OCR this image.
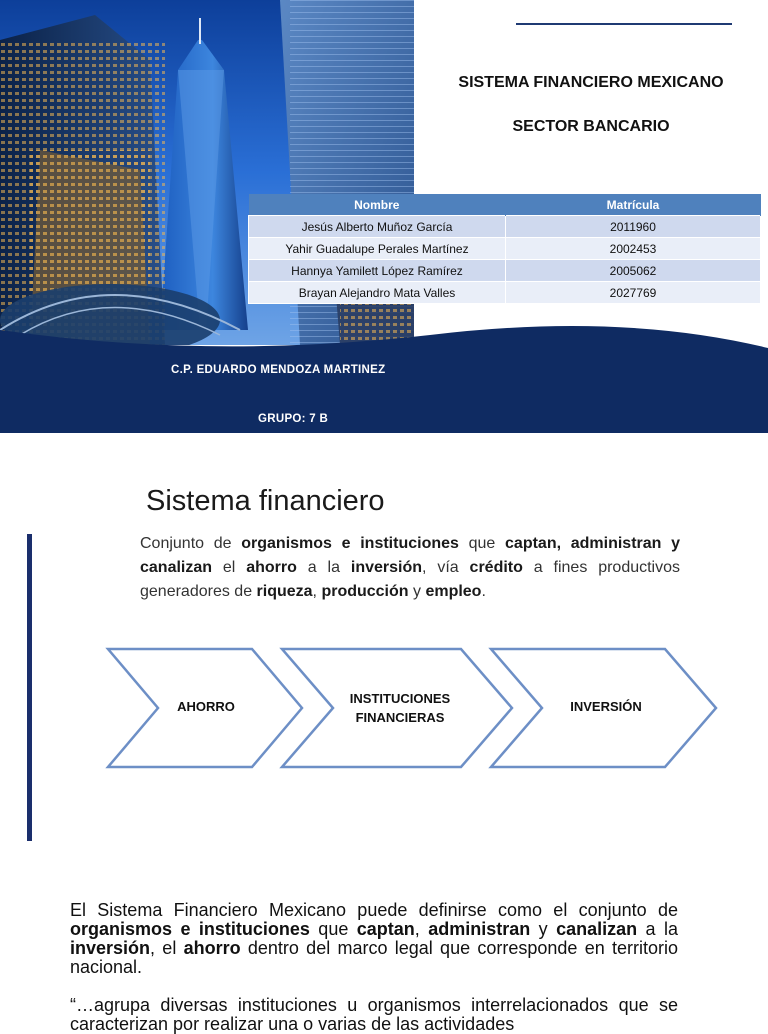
SISTEMA FINANCIERO MEXICANO
SECTOR BANCARIO
Nombre	Matrícula
Jesús Alberto Muñoz García	2011960
Yahir Guadalupe Perales Martínez	2002453
Hannya Yamilett López Ramírez	2005062
Brayan Alejandro Mata Valles	2027769
C.P. EDUARDO MENDOZA MARTINEZ
GRUPO: 7 B
Sistema financiero
Conjunto de organismos e instituciones que captan, administran y canalizan el ahorro a la inversión, vía crédito a fines productivos generadores de riqueza, producción y empleo.
AHORRO
INSTITUCIONES
FINANCIERAS
INVERSIÓN
El Sistema Financiero Mexicano puede definirse como el conjunto de organismos e instituciones que captan, administran y canalizan a la inversión, el ahorro dentro del marco legal que corresponde en territorio nacional.
“…agrupa diversas instituciones u organismos interrelacionados que se caracterizan por realizar una o varias de las actividades
